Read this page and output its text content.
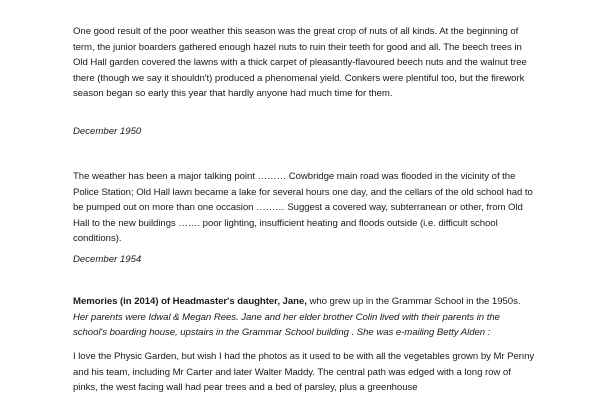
One good result of the poor weather this season was the great crop of nuts of all kinds. At the beginning of term, the junior boarders gathered enough hazel nuts to ruin their teeth for good and all. The beech trees in Old Hall garden covered the lawns with a thick carpet of pleasantly-flavoured beech nuts and the walnut tree there (though we say it shouldn't) produced a phenomenal yield. Conkers were plentiful too, but the firework season began so early this year that hardly anyone had much time for them.

December 1950

The weather has been a major talking point ……… Cowbridge main road was flooded in the vicinity of the Police Station; Old Hall lawn became a lake for several hours one day, and the cellars of the old school had to be pumped out on more than one occasion ……… Suggest a covered way, subterranean or other, from Old Hall to the new buildings ……. poor lighting, insufficient heating and floods outside (i.e. difficult school conditions).

December 1954

Memories (in 2014) of Headmaster's daughter, Jane, who grew up in the Grammar School in the 1950s. Her parents were Idwal & Megan Rees. Jane and her elder brother Colin lived with their parents in the school's boarding house, upstairs in the Grammar School building . She was e-mailing Betty Alden :

I love the Physic Garden, but wish I had the photos as it used to be with all the vegetables grown by Mr Penny and his team, including Mr Carter and later Walter Maddy. The central path was edged with a long row of pinks, the west facing wall had pear trees and a bed of parsley, plus a greenhouse
